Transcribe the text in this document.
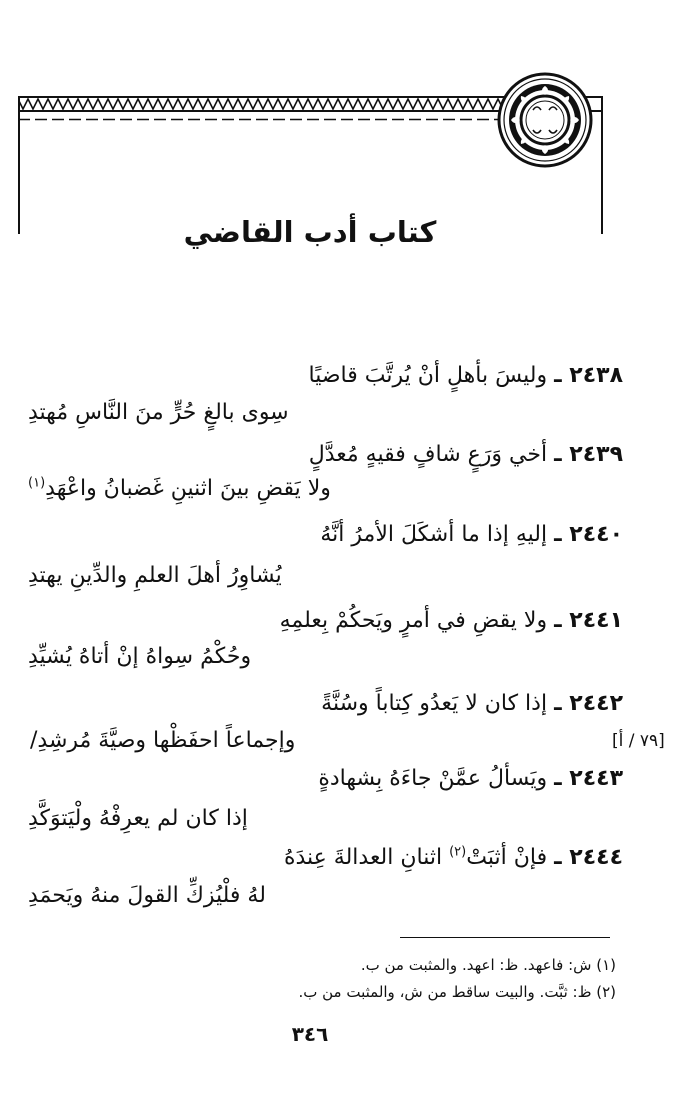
كتاب أدب القاضي
٢٤٣٨ ـ وليسَ بأهلٍ أنْ يُرتَّبَ قاضيًا
سِوى بالغٍ حُرٍّ منَ النَّاسِ مُهتدِ
٢٤٣٩ ـ أخي وَرَعٍ شافٍ فقيهٍ مُعدَّلٍ
ولا يَقضِ بينَ اثنينِ غَضبانُ واعْهَدِ$^{(١)}$
٢٤٤٠ ـ إليهِ إذا ما أشكَلَ الأمرُ أنَّهُ
يُشاوِرُ أهلَ العلمِ والدِّينِ يهتدِ
٢٤٤١ ـ ولا يقضِ في أمرٍ ويَحكُمْ بِعلمِهِ
وحُكْمُ سِواهُ إنْ أتاهُ يُشيِّدِ
٢٤٤٢ ـ إذا كان لا يَعدُو كِتاباً وسُنَّةً
وإجماعاً احفَظْها وصيَّةَ مُرشِدِ/	[٧٩ / أ]
٢٤٤٣ ـ ويَسألُ عمَّنْ جاءَهُ بِشهادةٍ
إذا كان لم يعرِفْهُ ولْيَتوَكَّدِ
٢٤٤٤ ـ فإنْ أثبَتْ$^{(٢)}$ اثنانِ العدالةَ عِندَهُ
لهُ فلْيُزكِّ القولَ منهُ ويَحمَدِ
(١) ش: فاعهد. ظ: اعهد. والمثبت من ب.
(٢) ظ: ثبَّت. والبيت ساقط من ش، والمثبت من ب.
٣٤٦
